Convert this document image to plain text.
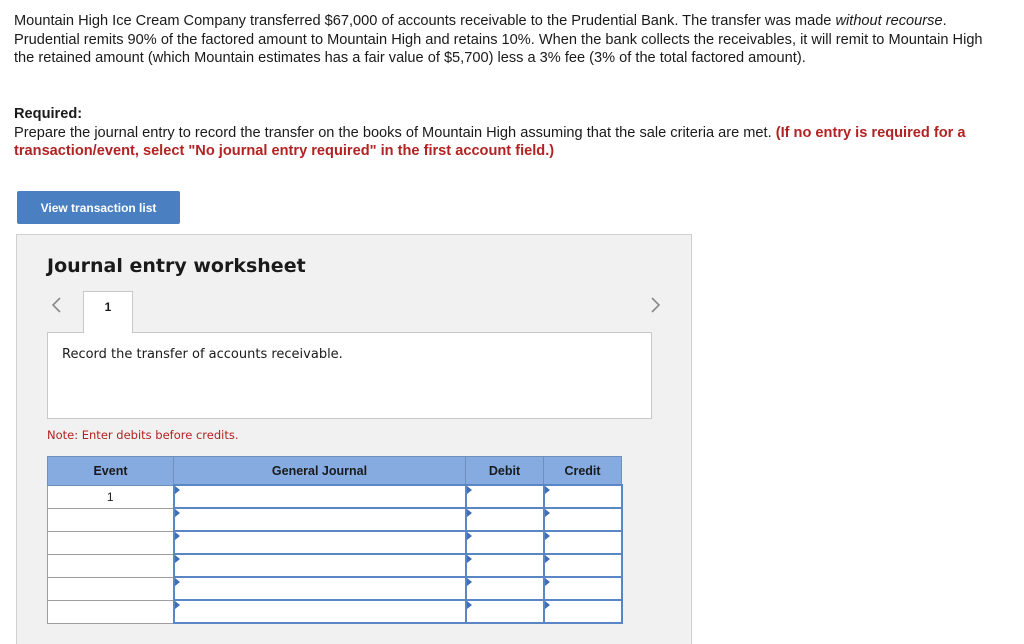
Mountain High Ice Cream Company transferred $67,000 of accounts receivable to the Prudential Bank. The transfer was made without recourse. Prudential remits 90% of the factored amount to Mountain High and retains 10%. When the bank collects the receivables, it will remit to Mountain High the retained amount (which Mountain estimates has a fair value of $5,700) less a 3% fee (3% of the total factored amount).

Required:
Prepare the journal entry to record the transfer on the books of Mountain High assuming that the sale criteria are met. (If no entry is required for a transaction/event, select "No journal entry required" in the first account field.)
View transaction list
Journal entry worksheet
1
Record the transfer of accounts receivable.
Note: Enter debits before credits.
Event	General Journal	Debit	Credit
1			
